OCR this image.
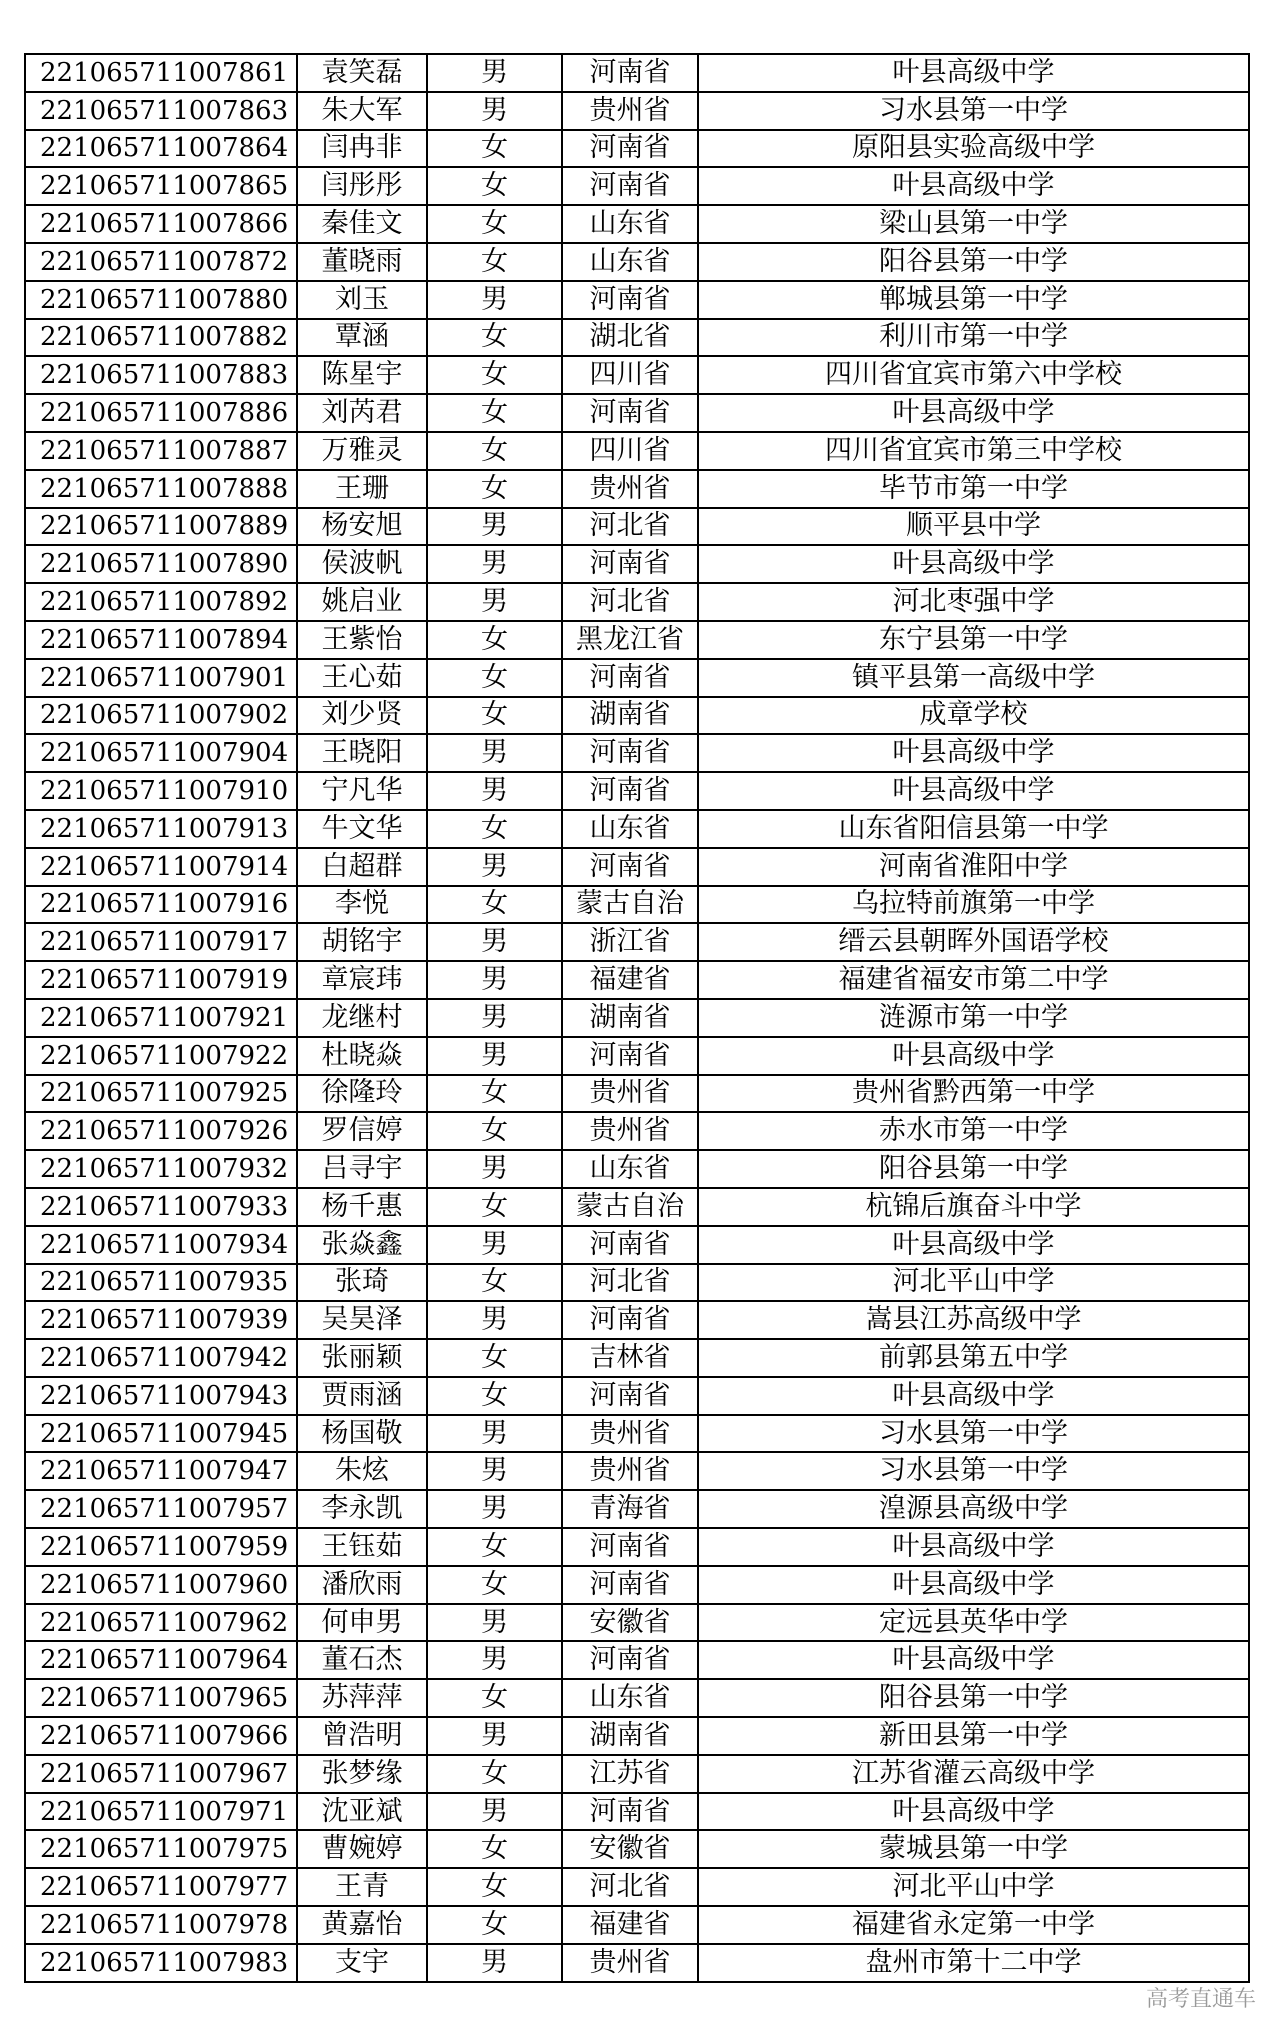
221065711007861	袁笑磊	男	河南省	叶县高级中学
221065711007863	朱大军	男	贵州省	习水县第一中学
221065711007864	闫冉非	女	河南省	原阳县实验高级中学
221065711007865	闫彤彤	女	河南省	叶县高级中学
221065711007866	秦佳文	女	山东省	梁山县第一中学
221065711007872	董晓雨	女	山东省	阳谷县第一中学
221065711007880	刘玉	男	河南省	郸城县第一中学
221065711007882	覃涵	女	湖北省	利川市第一中学
221065711007883	陈星宇	女	四川省	四川省宜宾市第六中学校
221065711007886	刘芮君	女	河南省	叶县高级中学
221065711007887	万雅灵	女	四川省	四川省宜宾市第三中学校
221065711007888	王珊	女	贵州省	毕节市第一中学
221065711007889	杨安旭	男	河北省	顺平县中学
221065711007890	侯波帆	男	河南省	叶县高级中学
221065711007892	姚启业	男	河北省	河北枣强中学
221065711007894	王紫怡	女	黑龙江省	东宁县第一中学
221065711007901	王心茹	女	河南省	镇平县第一高级中学
221065711007902	刘少贤	女	湖南省	成章学校
221065711007904	王晓阳	男	河南省	叶县高级中学
221065711007910	宁凡华	男	河南省	叶县高级中学
221065711007913	牛文华	女	山东省	山东省阳信县第一中学
221065711007914	白超群	男	河南省	河南省淮阳中学
221065711007916	李悦	女	蒙古自治	乌拉特前旗第一中学
221065711007917	胡铭宇	男	浙江省	缙云县朝晖外国语学校
221065711007919	章宸玮	男	福建省	福建省福安市第二中学
221065711007921	龙继村	男	湖南省	涟源市第一中学
221065711007922	杜晓焱	男	河南省	叶县高级中学
221065711007925	徐隆玲	女	贵州省	贵州省黔西第一中学
221065711007926	罗信婷	女	贵州省	赤水市第一中学
221065711007932	吕寻宇	男	山东省	阳谷县第一中学
221065711007933	杨千惠	女	蒙古自治	杭锦后旗奋斗中学
221065711007934	张焱鑫	男	河南省	叶县高级中学
221065711007935	张琦	女	河北省	河北平山中学
221065711007939	吴昊泽	男	河南省	嵩县江苏高级中学
221065711007942	张丽颖	女	吉林省	前郭县第五中学
221065711007943	贾雨涵	女	河南省	叶县高级中学
221065711007945	杨国敬	男	贵州省	习水县第一中学
221065711007947	朱炫	男	贵州省	习水县第一中学
221065711007957	李永凯	男	青海省	湟源县高级中学
221065711007959	王钰茹	女	河南省	叶县高级中学
221065711007960	潘欣雨	女	河南省	叶县高级中学
221065711007962	何申男	男	安徽省	定远县英华中学
221065711007964	董石杰	男	河南省	叶县高级中学
221065711007965	苏萍萍	女	山东省	阳谷县第一中学
221065711007966	曾浩明	男	湖南省	新田县第一中学
221065711007967	张梦缘	女	江苏省	江苏省灌云高级中学
221065711007971	沈亚斌	男	河南省	叶县高级中学
221065711007975	曹婉婷	女	安徽省	蒙城县第一中学
221065711007977	王青	女	河北省	河北平山中学
221065711007978	黄嘉怡	女	福建省	福建省永定第一中学
221065711007983	支宇	男	贵州省	盘州市第十二中学
高考直通车
